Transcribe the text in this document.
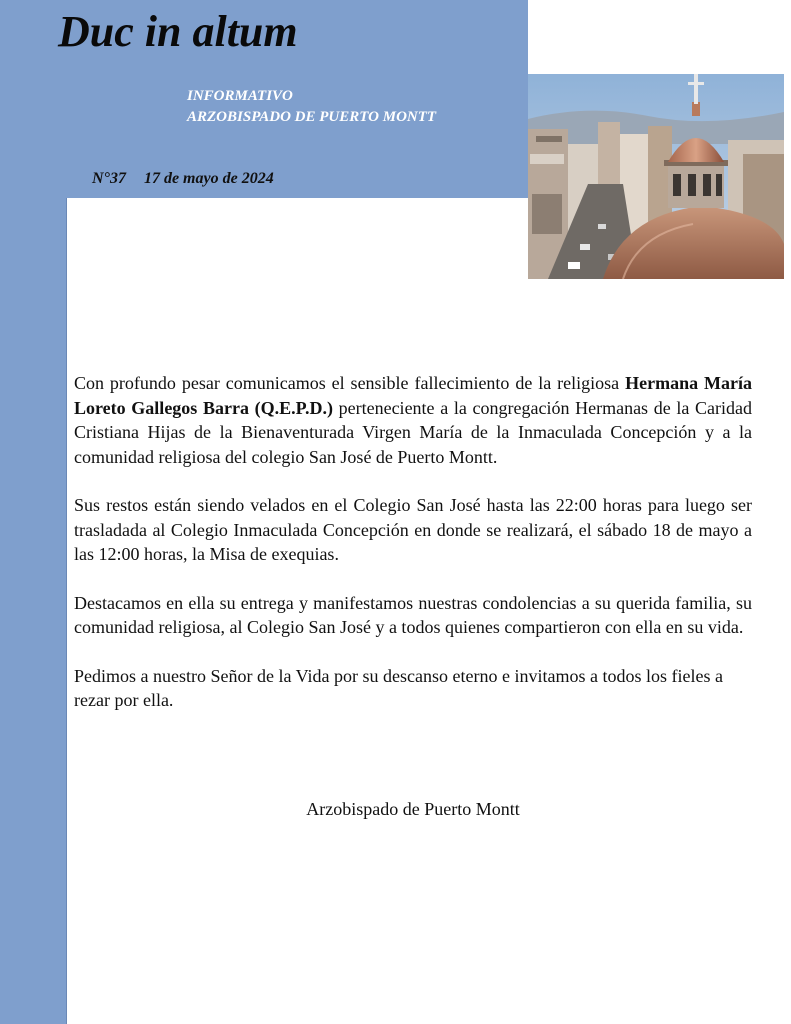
Duc in altum
INFORMATIVO
ARZOBISPADO DE PUERTO MONTT
N°37 17 de mayo de 2024

Con profundo pesar comunicamos el sensible fallecimiento de la religiosa Hermana María Loreto Gallegos Barra (Q.E.P.D.) perteneciente a la congregación Hermanas de la Caridad Cristiana Hijas de la Bienaventurada Virgen María de la Inmaculada Concepción y a la comunidad religiosa del colegio San José de Puerto Montt.

Sus restos están siendo velados en el Colegio San José hasta las 22:00 horas para luego ser trasladada al Colegio Inmaculada Concepción en donde se realizará, el sábado 18 de mayo a las 12:00 horas, la Misa de exequias.

Destacamos en ella su entrega y manifestamos nuestras condolencias a su querida familia, su comunidad religiosa, al Colegio San José y a todos quienes compartieron con ella en su vida.

Pedimos a nuestro Señor de la Vida por su descanso eterno e invitamos a todos los fieles a rezar por ella.

Arzobispado de Puerto Montt
